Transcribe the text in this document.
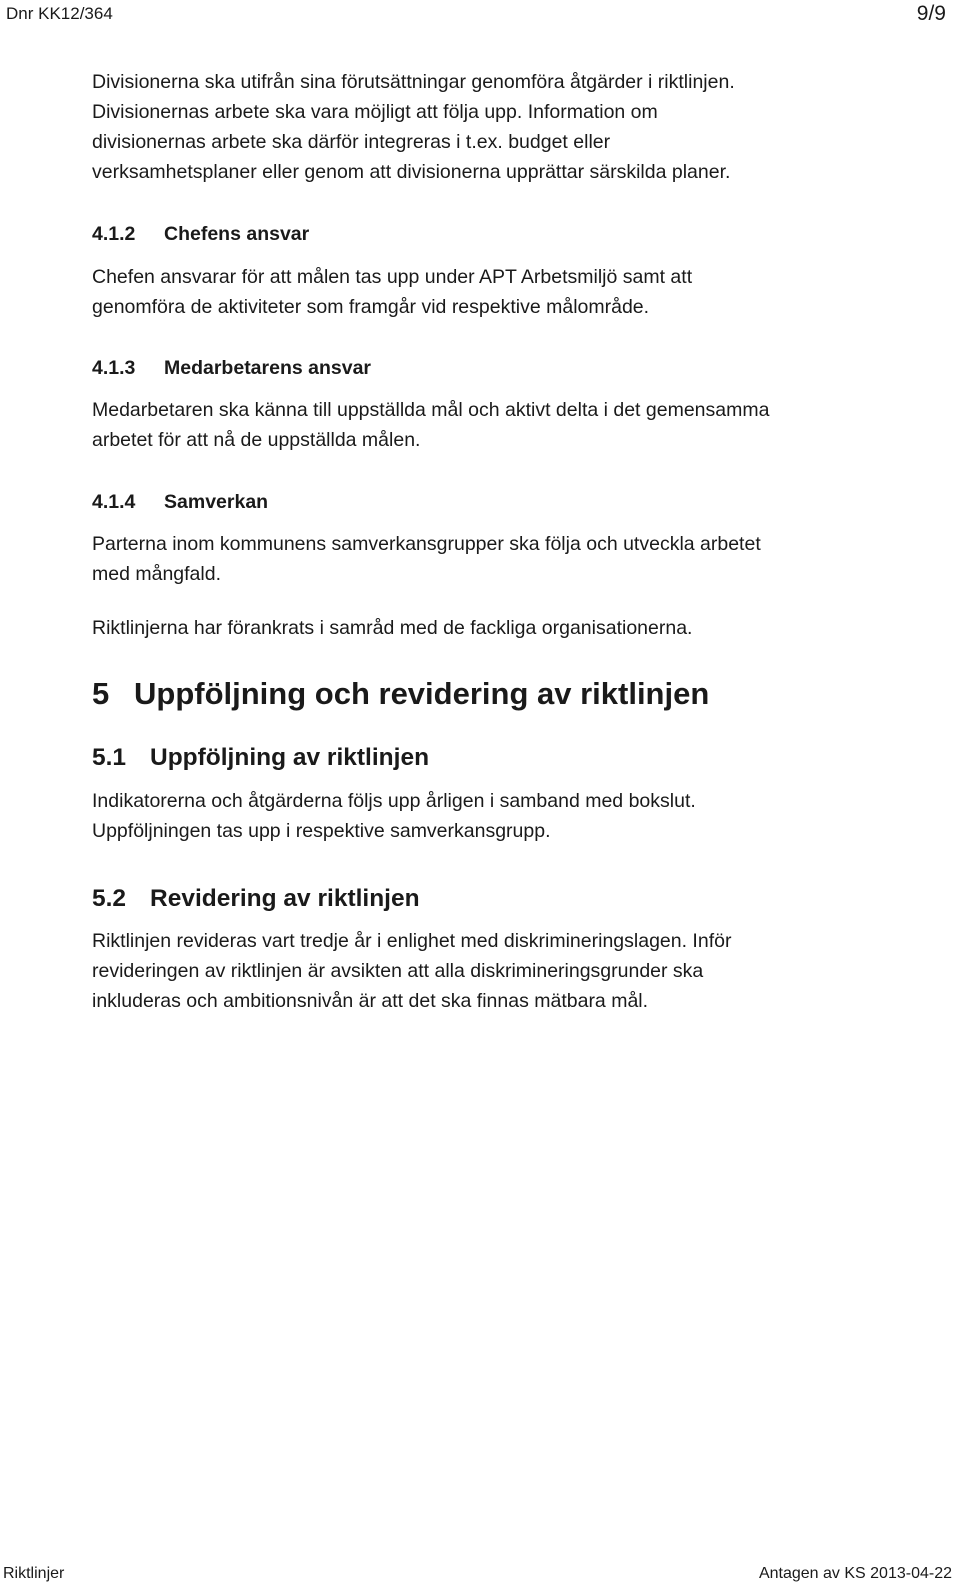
Dnr KK12/364	9/9
Divisionerna ska utifrån sina förutsättningar genomföra åtgärder i riktlinjen.
Divisionernas arbete ska vara möjligt att följa upp. Information om
divisionernas arbete ska därför integreras i t.ex. budget eller
verksamhetsplaner eller genom att divisionerna upprättar särskilda planer.
4.1.2 Chefens ansvar
Chefen ansvarar för att målen tas upp under APT Arbetsmiljö samt att
genomföra de aktiviteter som framgår vid respektive målområde.
4.1.3 Medarbetarens ansvar
Medarbetaren ska känna till uppställda mål och aktivt delta i det gemensamma
arbetet för att nå de uppställda målen.
4.1.4 Samverkan
Parterna inom kommunens samverkansgrupper ska följa och utveckla arbetet
med mångfald.
Riktlinjerna har förankrats i samråd med de fackliga organisationerna.
5 Uppföljning och revidering av riktlinjen
5.1 Uppföljning av riktlinjen
Indikatorerna och åtgärderna följs upp årligen i samband med bokslut.
Uppföljningen tas upp i respektive samverkansgrupp.
5.2 Revidering av riktlinjen
Riktlinjen revideras vart tredje år i enlighet med diskrimineringslagen. Inför
revideringen av riktlinjen är avsikten att alla diskrimineringsgrunder ska
inkluderas och ambitionsnivån är att det ska finnas mätbara mål.
Riktlinjer	Antagen av KS 2013-04-22
